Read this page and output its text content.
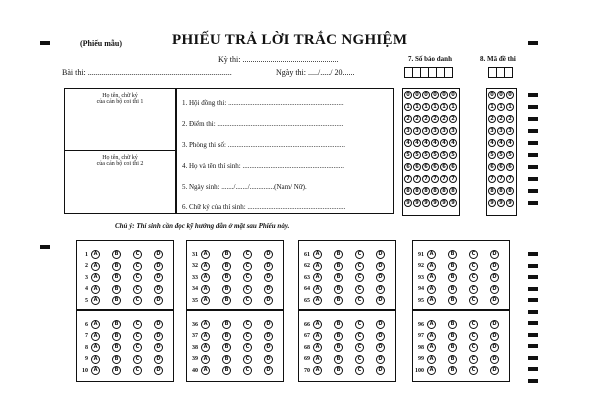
(Phiếu mẫu)	PHIẾU TRẢ LỜI TRẮC NGHIỆM
Kỳ thi: ................................................
Bài thi: ........................................................................	Ngày thi: ...../...../ 20......
7. Số báo danh	8. Mã đề thi
Họ tên, chữ ký
của cán bộ coi thi 1
Họ tên, chữ ký
của cán bộ coi thi 2
1. Hội đồng thi: ..................................................................
2. Điểm thi: ........................................................................
3. Phòng thi số: ...................................................................
4. Họ và tên thí sinh: ..........................................................
5. Ngày sinh: ......./......./..............(Nam/ Nữ).
6. Chữ ký của thí sinh: ........................................................
0	0	0	0	0	0
1	1	1	1	1	1
2	2	2	2	2	2
3	3	3	3	3	3
4	4	4	4	4	4
5	5	5	5	5	5
6	6	6	6	6	6
7	7	7	7	7	7
8	8	8	8	8	8
9	9	9	9	9	9
0	0	0
1	1	1
2	2	2
3	3	3
4	4	4
5	5	5
6	6	6
7	7	7
8	8	8
9	9	9
Chú ý: Thí sinh cần đọc kỹ hướng dẫn ở mặt sau Phiếu này.
1	A	B	C	D
2	A	B	C	D
3	A	B	C	D
4	A	B	C	D
5	A	B	C	D
6	A	B	C	D
7	A	B	C	D
8	A	B	C	D
9	A	B	C	D
10	A	B	C	D
31	A	B	C	D
32	A	B	C	D
33	A	B	C	D
34	A	B	C	D
35	A	B	C	D
36	A	B	C	D
37	A	B	C	D
38	A	B	C	D
39	A	B	C	D
40	A	B	C	D
61	A	B	C	D
62	A	B	C	D
63	A	B	C	D
64	A	B	C	D
65	A	B	C	D
66	A	B	C	D
67	A	B	C	D
68	A	B	C	D
69	A	B	C	D
70	A	B	C	D
91	A	B	C	D
92	A	B	C	D
93	A	B	C	D
94	A	B	C	D
95	A	B	C	D
96	A	B	C	D
97	A	B	C	D
98	A	B	C	D
99	A	B	C	D
100	A	B	C	D
